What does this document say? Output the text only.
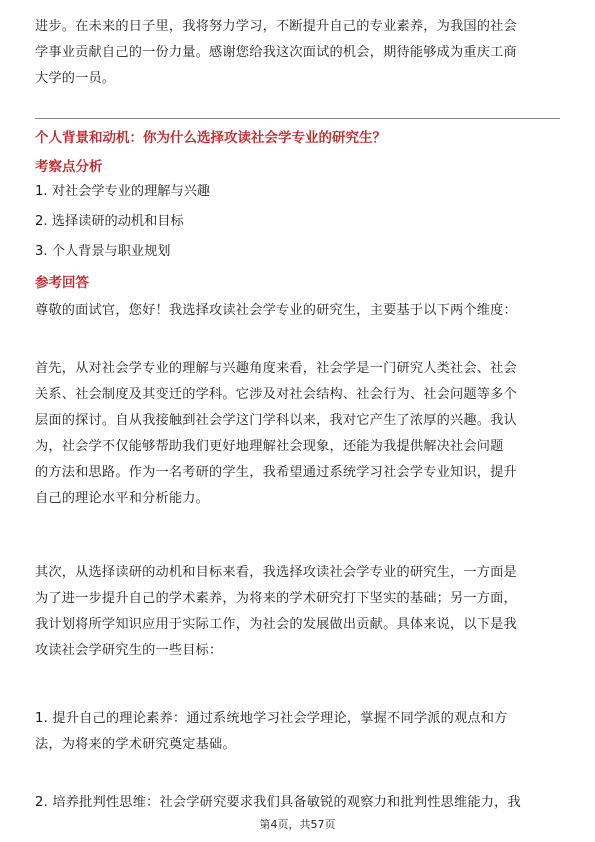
进步。在未来的日子里，我将努力学习，不断提升自己的专业素养，为我国的社会
学事业贡献自己的一份力量。感谢您给我这次面试的机会，期待能够成为重庆工商
大学的一员。
个人背景和动机：你为什么选择攻读社会学专业的研究生？
考察点分析
1. 对社会学专业的理解与兴趣
2. 选择读研的动机和目标
3. 个人背景与职业规划
参考回答
尊敬的面试官，您好！我选择攻读社会学专业的研究生，主要基于以下两个维度：
首先，从对社会学专业的理解与兴趣角度来看，社会学是一门研究人类社会、社会
关系、社会制度及其变迁的学科。它涉及对社会结构、社会行为、社会问题等多个
层面的探讨。自从我接触到社会学这门学科以来，我对它产生了浓厚的兴趣。我认
为，社会学不仅能够帮助我们更好地理解社会现象，还能为我提供解决社会问题
的方法和思路。作为一名考研的学生，我希望通过系统学习社会学专业知识，提升
自己的理论水平和分析能力。
其次，从选择读研的动机和目标来看，我选择攻读社会学专业的研究生，一方面是
为了进一步提升自己的学术素养，为将来的学术研究打下坚实的基础；另一方面，
我计划将所学知识应用于实际工作，为社会的发展做出贡献。具体来说，以下是我
攻读社会学研究生的一些目标：
1. 提升自己的理论素养：通过系统地学习社会学理论，掌握不同学派的观点和方
法，为将来的学术研究奠定基础。
2. 培养批判性思维：社会学研究要求我们具备敏锐的观察力和批判性思维能力，我
第4页，共57页
